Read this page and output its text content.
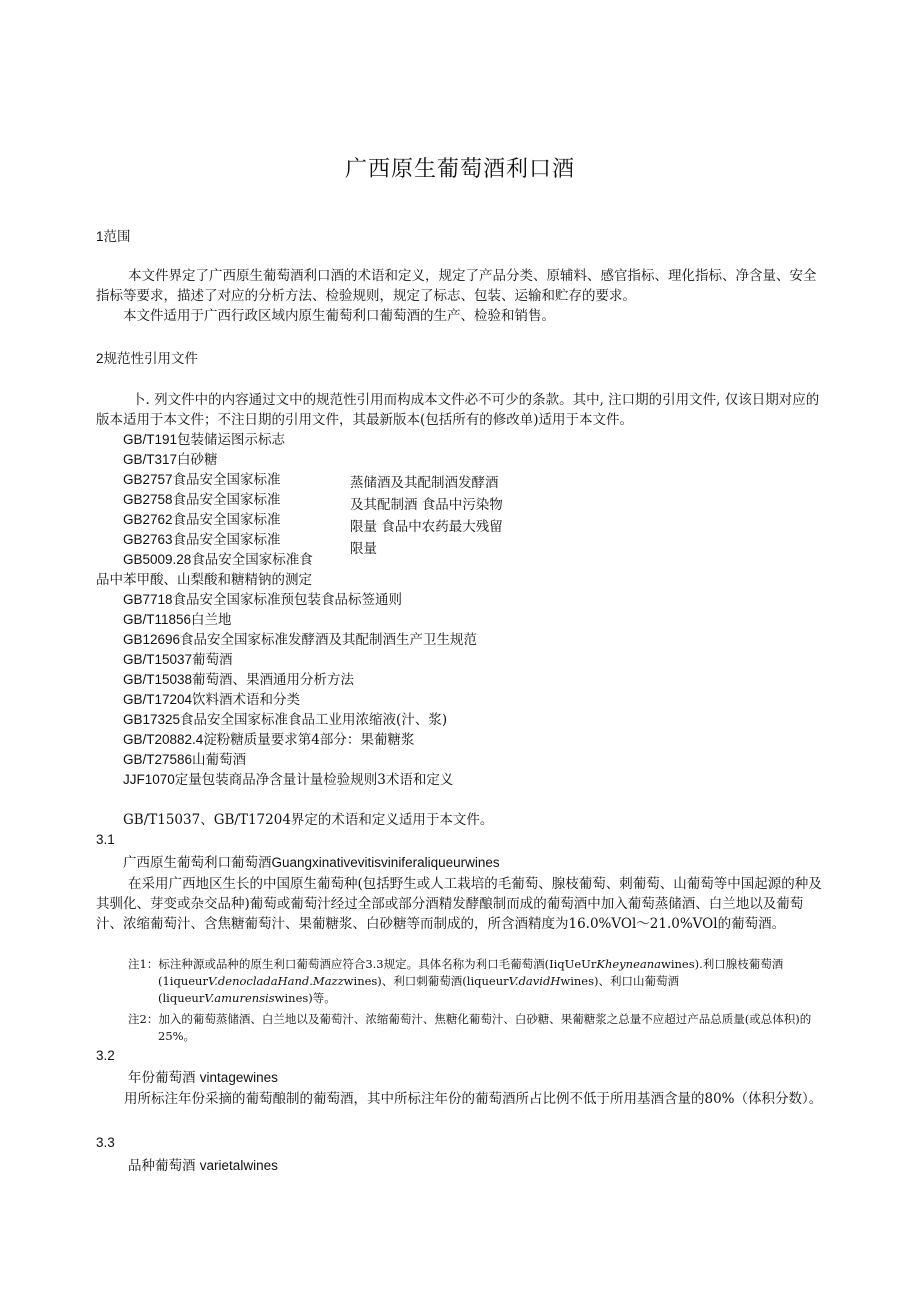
广西原生葡萄酒利口酒
1范围
本文件界定了广西原生葡萄酒利口酒的术语和定义，规定了产品分类、原辅料、感官指标、理化指标、净含量、安全指标等要求，描述了对应的分析方法、检验规则，规定了标志、包装、运输和贮存的要求。
本文件适用于广西行政区域内原生葡萄利口葡萄酒的生产、检验和销售。
2规范性引用文件
卜. 列文件中的内容通过文中的规范性引用而构成本文件必不可少的条款。其中, 注口期的引用文件, 仅该日期对应的版本适用于本文件；不注日期的引用文件，其最新版本(包括所有的修改单)适用于本文件。
GB/T191包装储运图示标志
GB/T317白砂糖
GB2757食品安全国家标准
GB2758食品安全国家标准
GB2762食品安全国家标准
GB2763食品安全国家标准
GB5009.28食品安全国家标准食
蒸储酒及其配制酒发酵酒
及其配制酒 食品中污染物
限量 食品中农药最大残留
限量
品中苯甲酸、山梨酸和糖精钠的测定
GB7718食品安全国家标准预包装食品标签通则
GB/T11856白兰地
GB12696食品安全国家标准发酵酒及其配制酒生产卫生规范
GB/T15037葡萄酒
GB/T15038葡萄酒、果酒通用分析方法
GB/T17204饮料酒术语和分类
GB17325食品安全国家标准食品工业用浓缩液(汁、浆)
GB/T20882.4淀粉糖质量要求第4部分：果葡糖浆
GB/T27586山葡萄酒
JJF1070定量包装商品净含量计量检验规则3术语和定义
GB/T15037、GB/T17204界定的术语和定义适用于本文件。
3.1
广西原生葡萄利口葡萄酒Guangxinativevitisviniferaliqueurwines
在采用广西地区生长的中国原生葡萄种(包括野生或人工栽培的毛葡萄、腺枝葡萄、刺葡萄、山葡萄等中国起源的种及其驯化、芽变或杂交品种)葡萄或葡萄汁经过全部或部分酒精发酵酿制而成的葡萄酒中加入葡萄蒸储酒、白兰地以及葡萄汁、浓缩葡萄汁、含焦糖葡萄汁、果葡糖浆、白砂糖等而制成的，所含酒精度为16.0%VOl～21.0%VOl的葡萄酒。
注1：标注种源或品种的原生利口葡萄酒应符合3.3规定。具体名称为利口毛葡萄酒(IiqUeUrKheyneanawines).利口腺枝葡萄酒(1iqueurV.denocladaHand.Mazzwines)、利口刺葡萄酒(liqueurV.davidHwines)、利口山葡萄酒(liqueurV.amurensiswines)等。
注2：加入的葡萄蒸储酒、白兰地以及葡萄汁、浓缩葡萄汁、焦糖化葡萄汁、白砂糖、果葡糖浆之总量不应超过产品总质量(或总体积)的25%。
3.2
年份葡萄酒 vintagewines
用所标注年份采摘的葡萄酿制的葡萄酒，其中所标注年份的葡萄酒所占比例不低于所用基酒含量的80%（体积分数）。
3.3
品种葡萄酒 varietalwines
